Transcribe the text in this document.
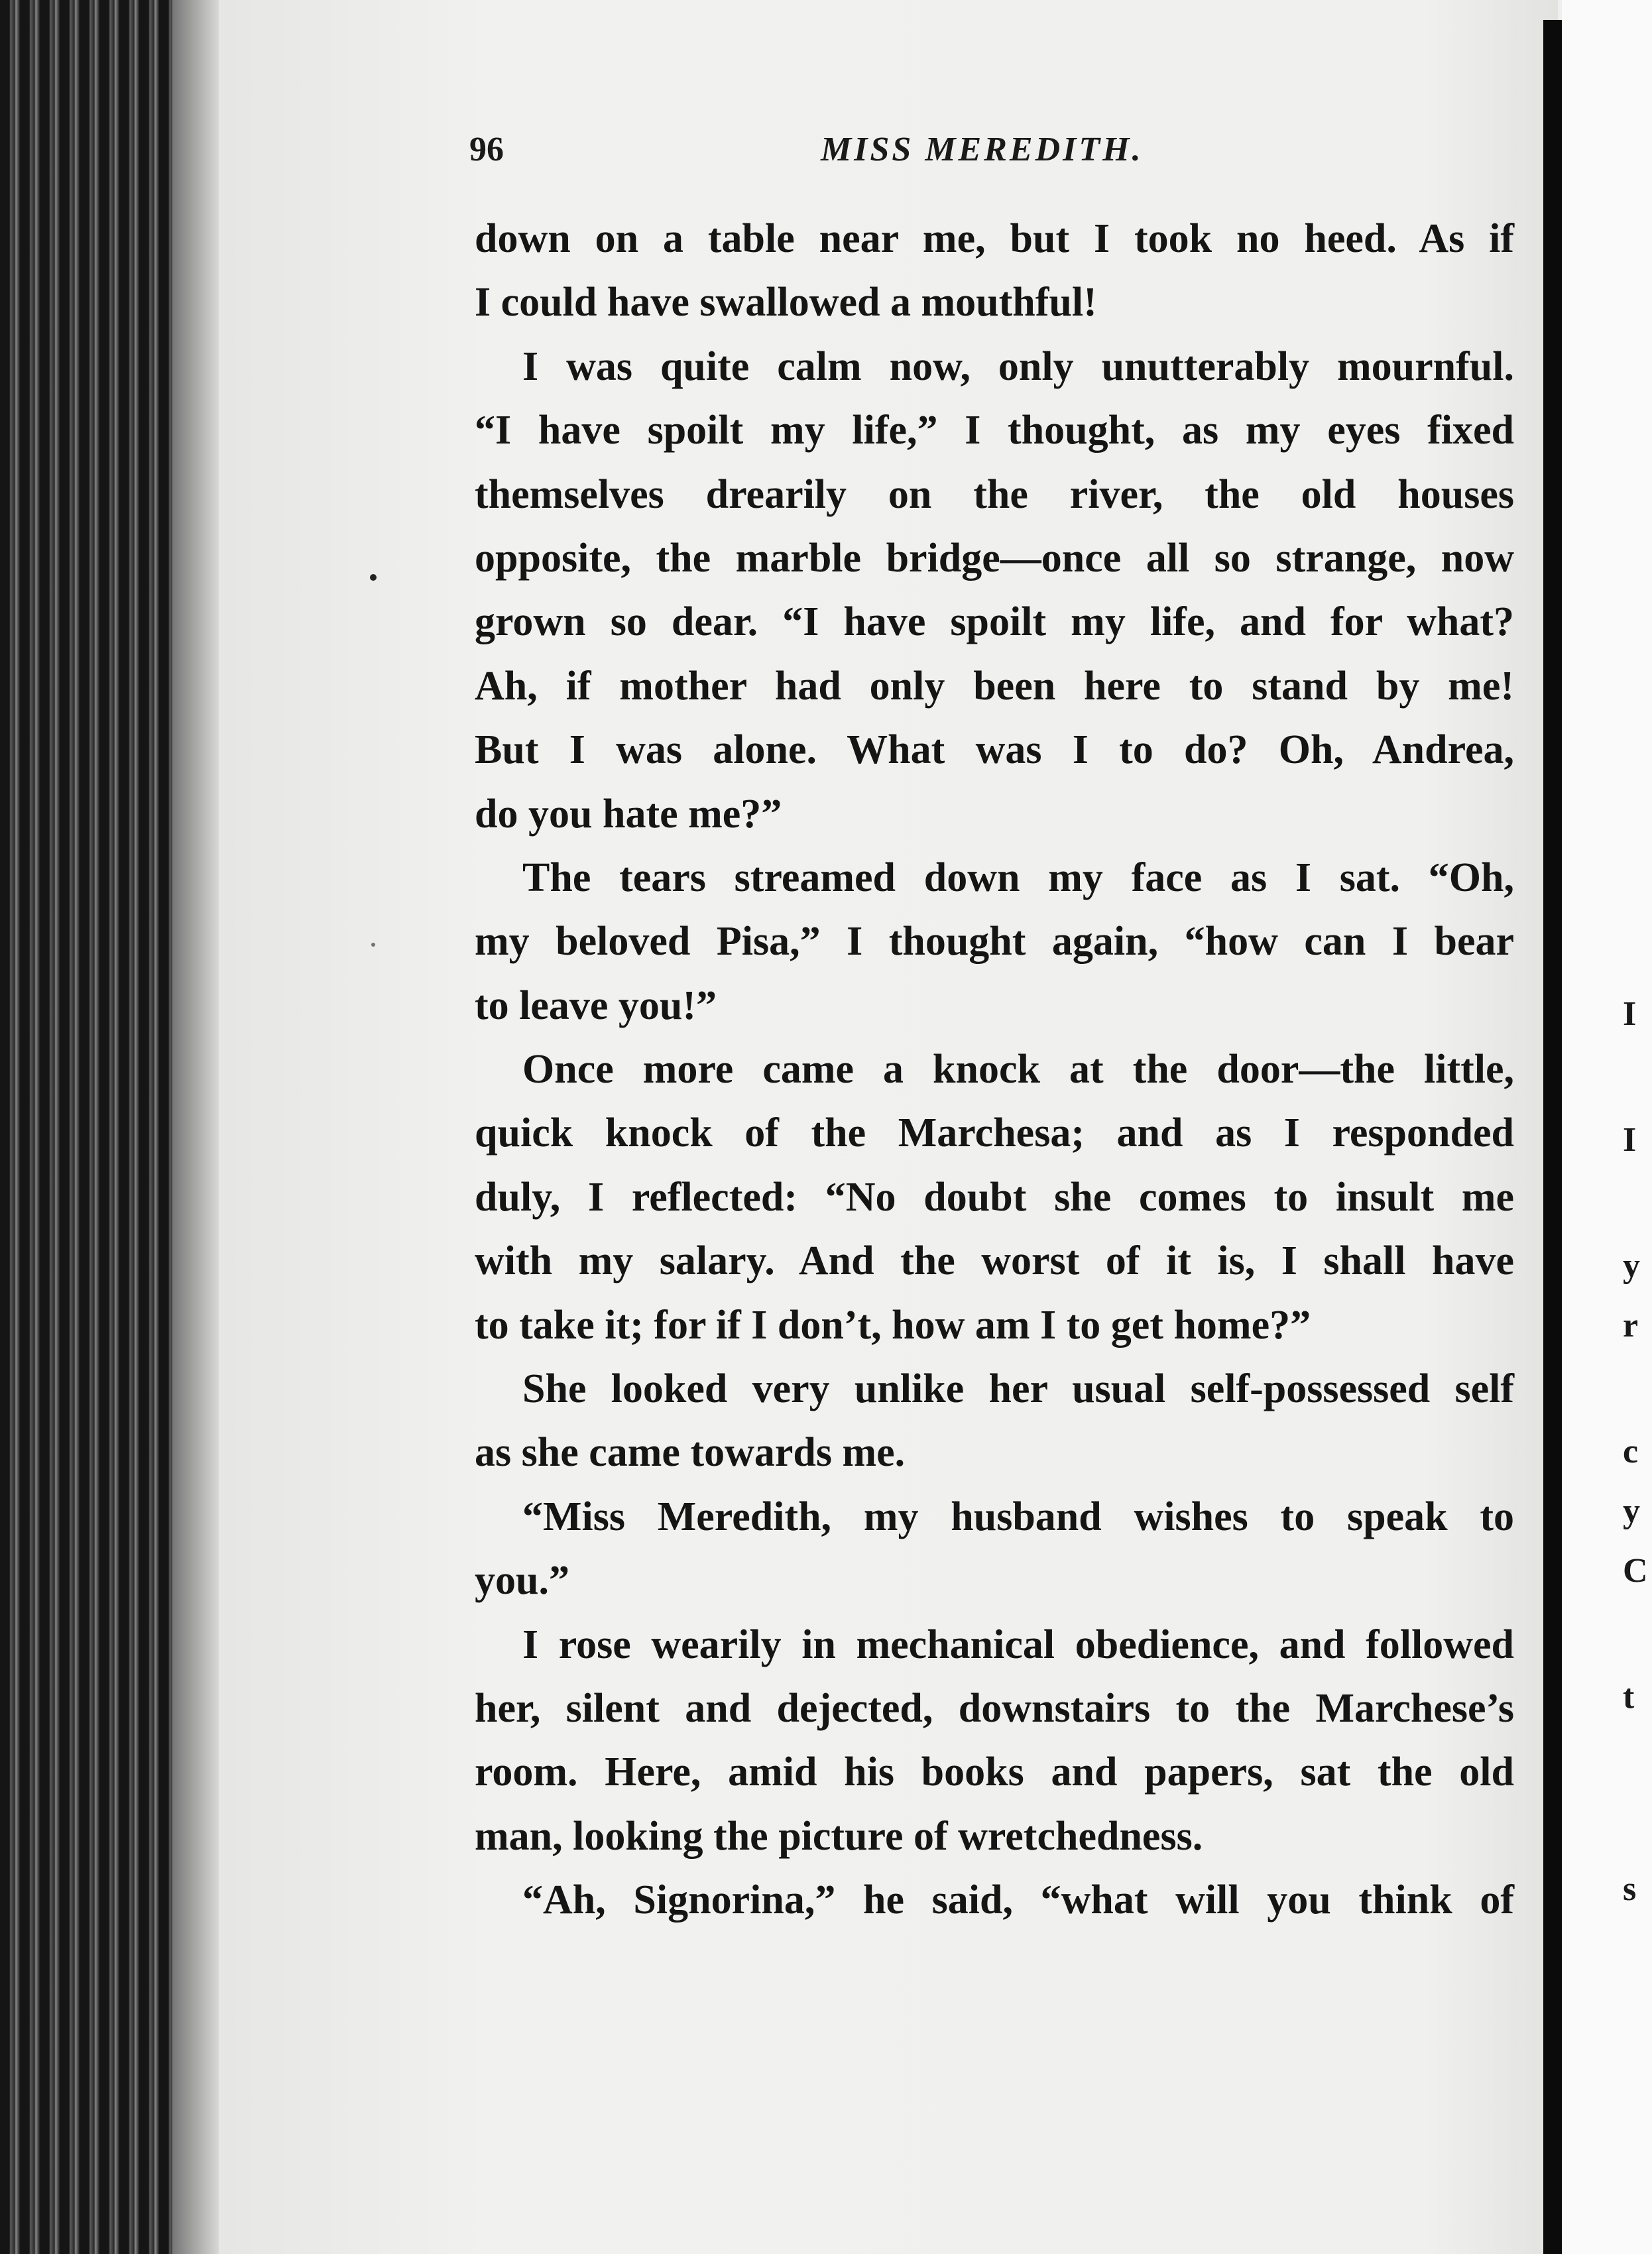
I
I
y
r
c
y
C
t
s
96	MISS MEREDITH.
down on a table near me, but I took no heed. As if
I could have swallowed a mouthful!
I was quite calm now, only unutterably mournful.
“I have spoilt my life,” I thought, as my eyes fixed
themselves drearily on the river, the old houses
opposite, the marble bridge—once all so strange, now
grown so dear. “I have spoilt my life, and for what?
Ah, if mother had only been here to stand by me!
But I was alone. What was I to do? Oh, Andrea,
do you hate me?”
The tears streamed down my face as I sat. “Oh,
my beloved Pisa,” I thought again, “how can I bear
to leave you!”
Once more came a knock at the door—the little,
quick knock of the Marchesa; and as I responded
duly, I reflected: “No doubt she comes to insult me
with my salary. And the worst of it is, I shall have
to take it; for if I don’t, how am I to get home?”
She looked very unlike her usual self-possessed self
as she came towards me.
“Miss Meredith, my husband wishes to speak to
you.”
I rose wearily in mechanical obedience, and followed
her, silent and dejected, downstairs to the Marchese’s
room. Here, amid his books and papers, sat the old
man, looking the picture of wretchedness.
“Ah, Signorina,” he said, “what will you think of
